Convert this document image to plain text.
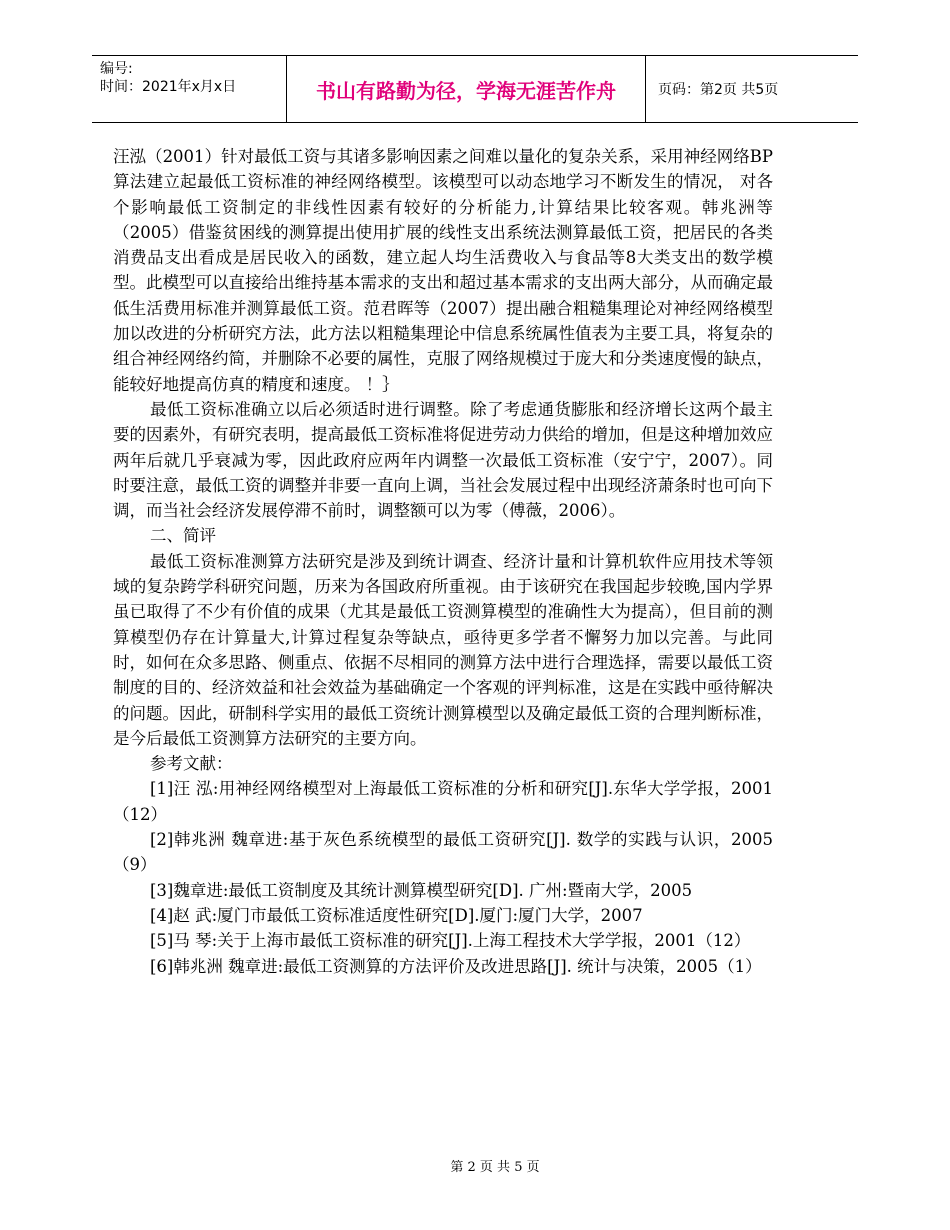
编号:
时间：2021年x月x日	书山有路勤为径，学海无涯苦作舟	页码：第2页 共5页

汪泓（2001）针对最低工资与其诸多影响因素之间难以量化的复杂关系，采用神经网络BP算法建立起最低工资标准的神经网络模型。该模型可以动态地学习不断发生的情况， 对各个影响最低工资制定的非线性因素有较好的分析能力,计算结果比较客观。韩兆洲等（2005）借鉴贫困线的测算提出使用扩展的线性支出系统法测算最低工资，把居民的各类消费品支出看成是居民收入的函数，建立起人均生活费收入与食品等8大类支出的数学模型。此模型可以直接给出维持基本需求的支出和超过基本需求的支出两大部分，从而确定最低生活费用标准并测算最低工资。范君晖等（2007）提出融合粗糙集理论对神经网络模型加以改进的分析研究方法，此方法以粗糙集理论中信息系统属性值表为主要工具，将复杂的组合神经网络约简，并删除不必要的属性，克服了网络规模过于庞大和分类速度慢的缺点，能较好地提高仿真的精度和速度。 ！｝

最低工资标准确立以后必须适时进行调整。除了考虑通货膨胀和经济增长这两个最主要的因素外，有研究表明，提高最低工资标准将促进劳动力供给的增加，但是这种增加效应两年后就几乎衰减为零，因此政府应两年内调整一次最低工资标准（安宁宁，2007）。同时要注意，最低工资的调整并非要一直向上调，当社会发展过程中出现经济萧条时也可向下调，而当社会经济发展停滞不前时，调整额可以为零（傅薇，2006）。

二、简评

最低工资标准测算方法研究是涉及到统计调查、经济计量和计算机软件应用技术等领域的复杂跨学科研究问题，历来为各国政府所重视。由于该研究在我国起步较晚,国内学界虽已取得了不少有价值的成果（尤其是最低工资测算模型的准确性大为提高），但目前的测算模型仍存在计算量大,计算过程复杂等缺点，亟待更多学者不懈努力加以完善。与此同时，如何在众多思路、侧重点、依据不尽相同的测算方法中进行合理选择，需要以最低工资制度的目的、经济效益和社会效益为基础确定一个客观的评判标准，这是在实践中亟待解决的问题。因此，研制科学实用的最低工资统计测算模型以及确定最低工资的合理判断标准，是今后最低工资测算方法研究的主要方向。

参考文献：

[1]汪 泓:用神经网络模型对上海最低工资标准的分析和研究[J].东华大学学报，2001（12）

[2]韩兆洲 魏章进:基于灰色系统模型的最低工资研究[J]. 数学的实践与认识，2005（9）

[3]魏章进:最低工资制度及其统计测算模型研究[D]. 广州:暨南大学，2005

[4]赵 武:厦门市最低工资标准适度性研究[D].厦门:厦门大学，2007

[5]马 琴:关于上海市最低工资标准的研究[J].上海工程技术大学学报，2001（12）

[6]韩兆洲 魏章进:最低工资测算的方法评价及改进思路[J]. 统计与决策，2005（1）

第 2 页 共 5 页
